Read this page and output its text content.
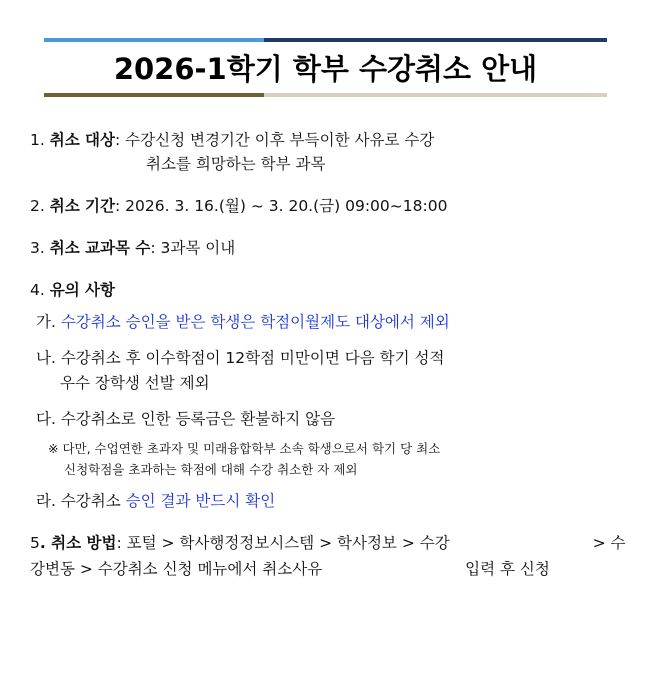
2026-1학기 학부 수강취소 안내
1. 취소 대상: 수강신청 변경기간 이후 부득이한 사유로 수강
취소를 희망하는 학부 과목
2. 취소 기간: 2026. 3. 16.(월) ~ 3. 20.(금) 09:00~18:00
3. 취소 교과목 수: 3과목 이내
4. 유의 사항
가. 수강취소 승인을 받은 학생은 학점이월제도 대상에서 제외
나. 수강취소 후 이수학점이 12학점 미만이면 다음 학기 성적
우수 장학생 선발 제외
다. 수강취소로 인한 등록금은 환불하지 않음
※ 다만, 수업연한 초과자 및 미래융합학부 소속 학생으로서 학기 당 최소
신청학점을 초과하는 학점에 대해 수강 취소한 자 제외
라. 수강취소 승인 결과 반드시 확인
5. 취소 방법: 포털 > 학사행정정보시스템 > 학사정보 > 수강	> 수강변동 > 수강취소 신청 메뉴에서 취소사유	입력 후 신청
